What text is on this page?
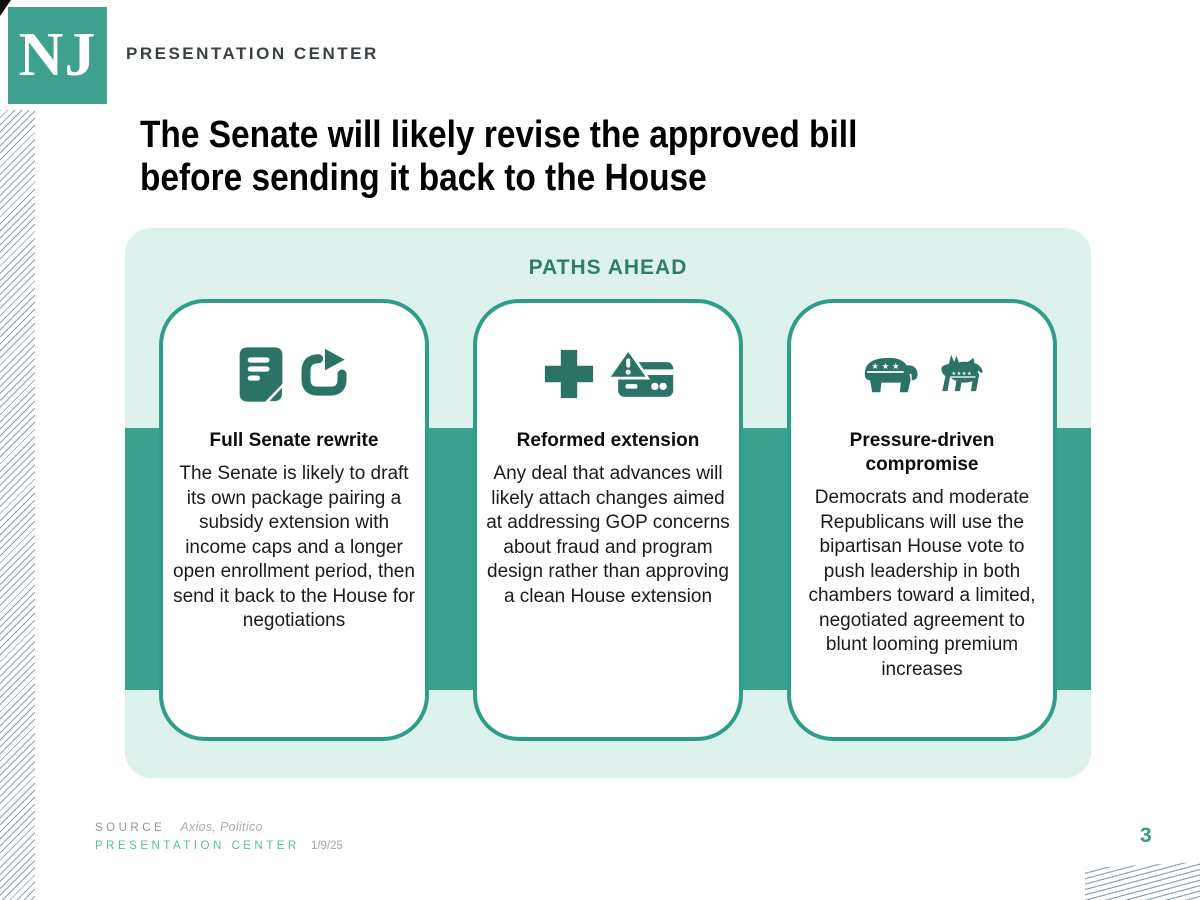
NJ PRESENTATION CENTER
The Senate will likely revise the approved bill
before sending it back to the House
PATHS AHEAD
Full Senate rewrite

The Senate is likely to draft its own package pairing a subsidy extension with income caps and a longer open enrollment period, then send it back to the House for negotiations

Reformed extension

Any deal that advances will likely attach changes aimed at addressing GOP concerns about fraud and program design rather than approving a clean House extension

★ ★ ★
★ ★ ★ ★
Pressure-driven compromise

Democrats and moderate Republicans will use the bipartisan House vote to push leadership in both chambers toward a limited, negotiated agreement to blunt looming premium increases

SOURCE Axios, Politico
PRESENTATION CENTER 1/9/25	3
